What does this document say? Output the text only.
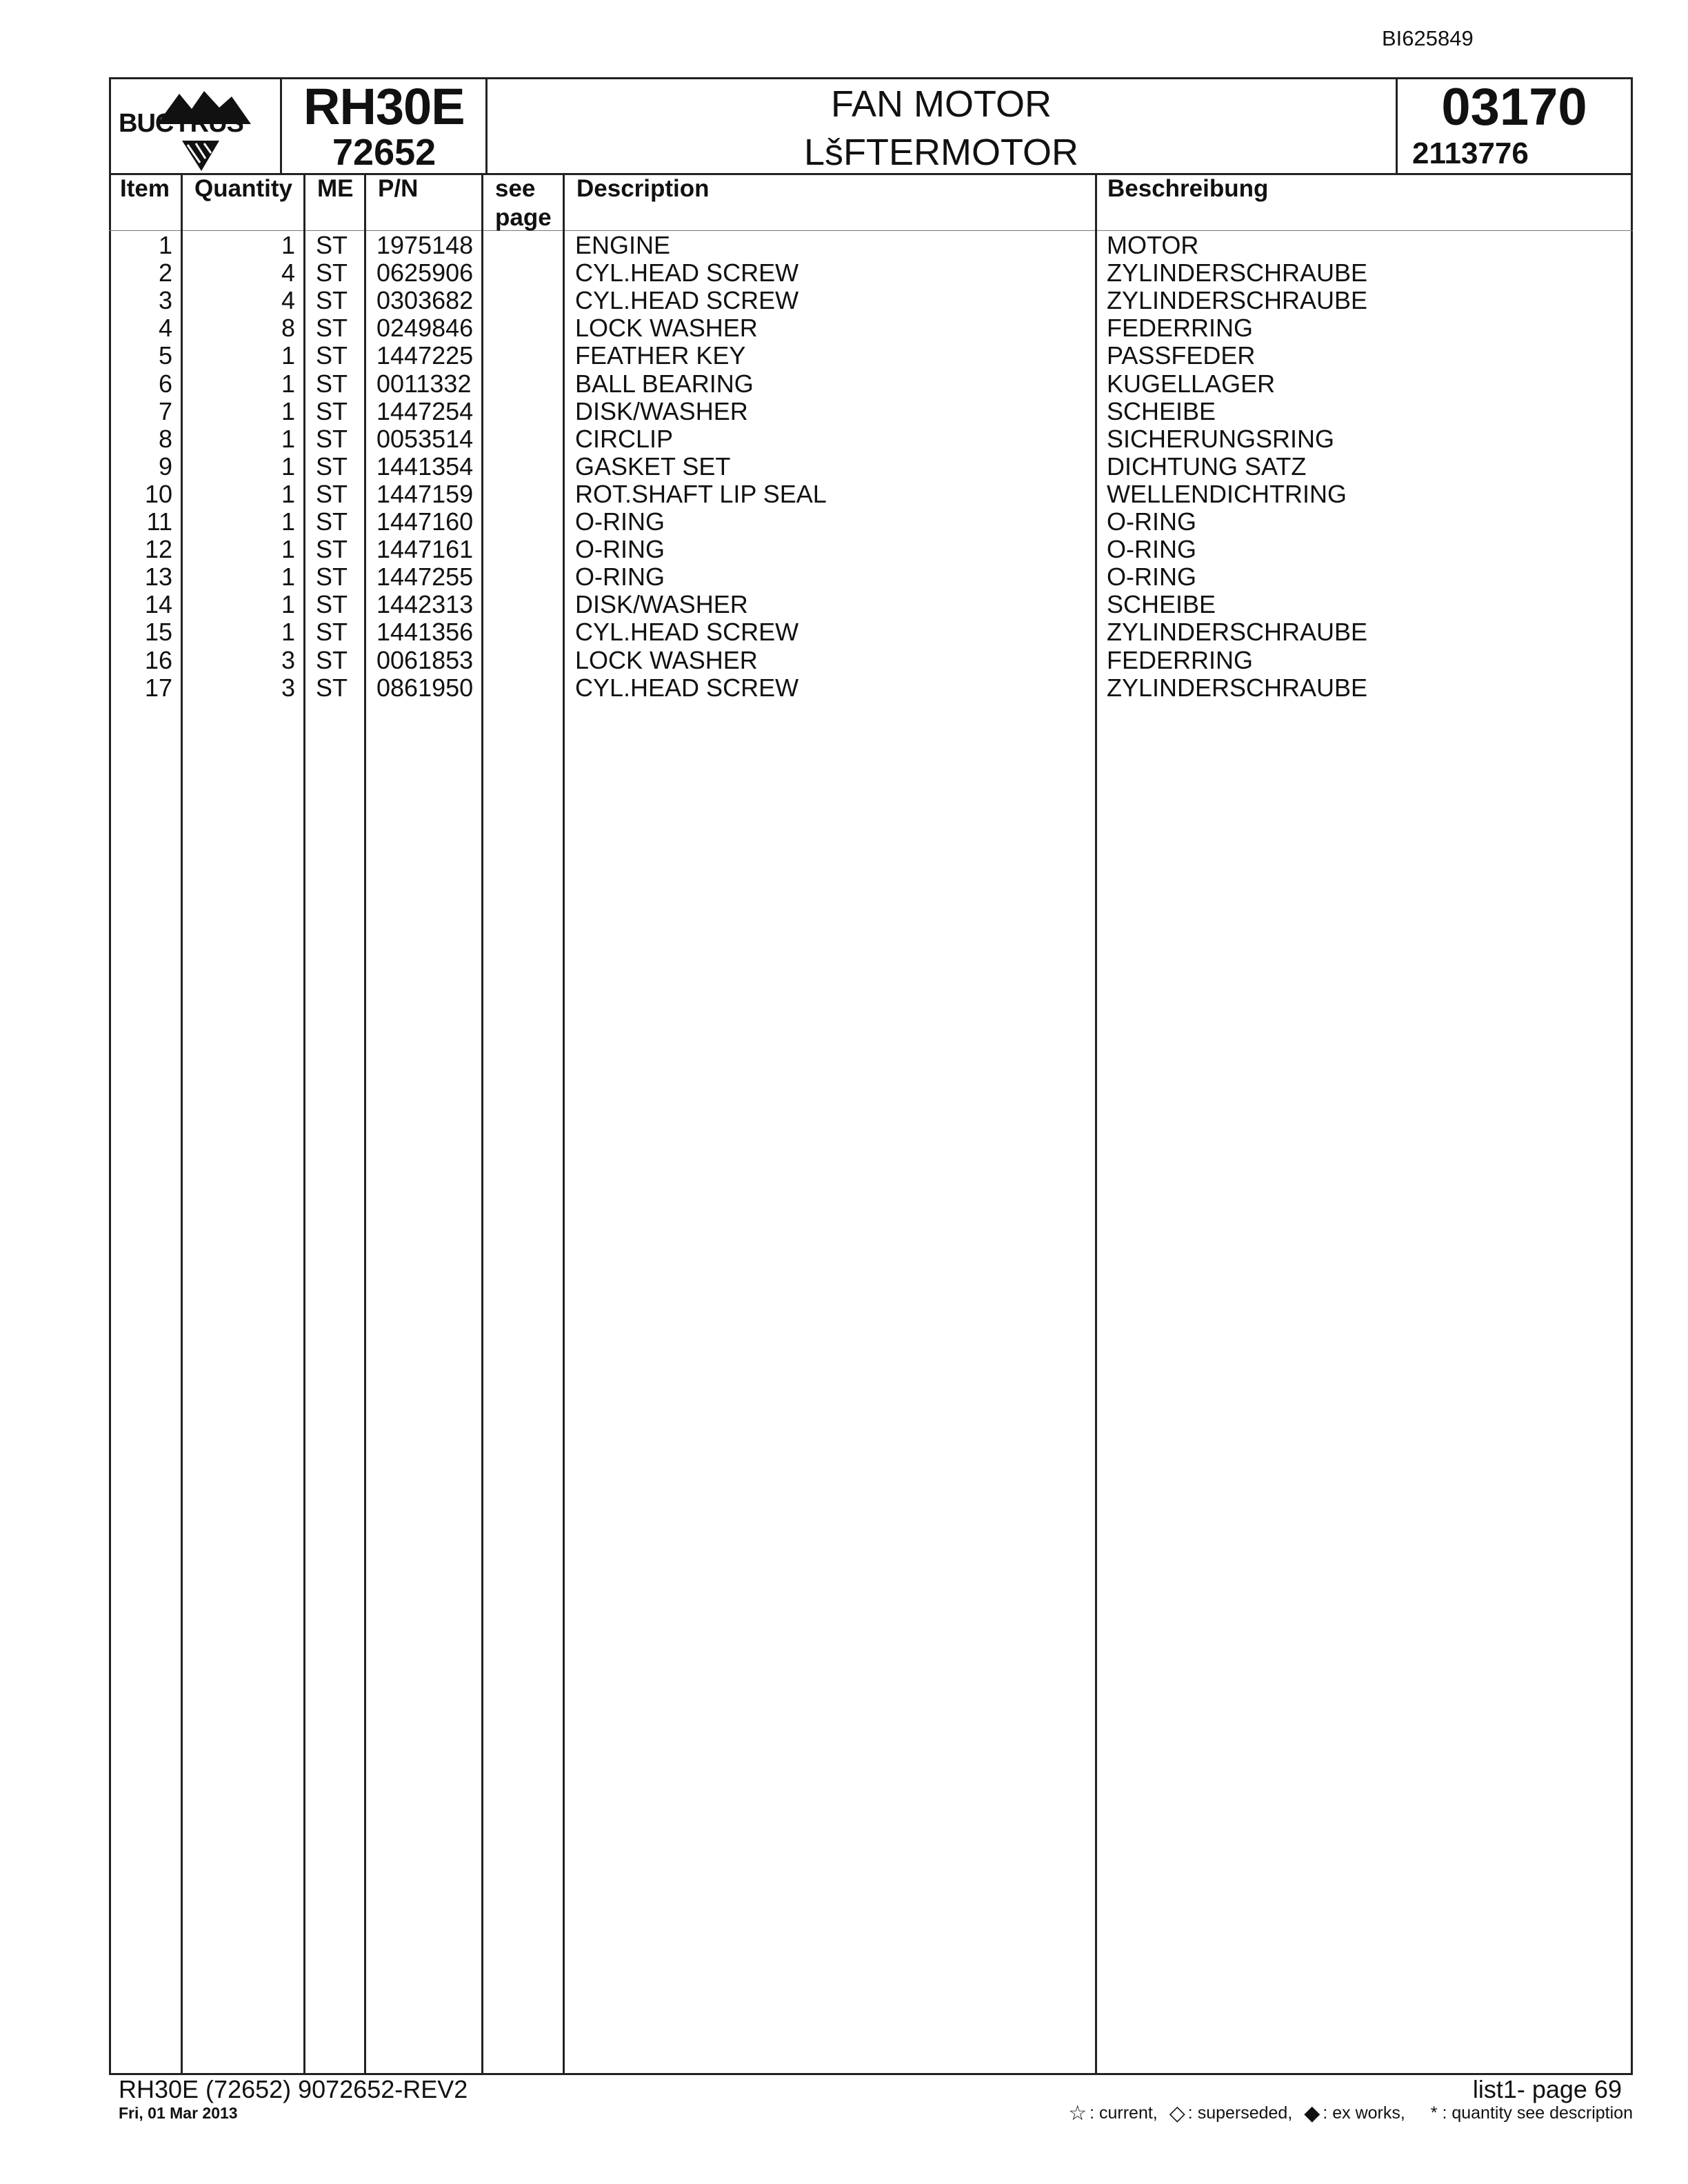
BI625849
BUCYRUS RH30E
72652
FAN MOTOR
LšFTERMOTOR
03170
2113776
Item Quantity ME P/N	see
page
Description	Beschreibung
1	1 ST 1975148	ENGINE	MOTOR
2	4 ST 0625906	CYL.HEAD SCREW	ZYLINDERSCHRAUBE
3	4 ST 0303682	CYL.HEAD SCREW	ZYLINDERSCHRAUBE
4	8 ST 0249846	LOCK WASHER	FEDERRING
5	1 ST 1447225	FEATHER KEY	PASSFEDER
6	1 ST 0011332	BALL BEARING	KUGELLAGER
7	1 ST 1447254	DISK/WASHER	SCHEIBE
8	1 ST 0053514	CIRCLIP	SICHERUNGSRING
9	1 ST 1441354	GASKET SET	DICHTUNG SATZ
10	1 ST 1447159	ROT.SHAFT LIP SEAL	WELLENDICHTRING
11	1 ST 1447160	O-RING	O-RING
12	1 ST 1447161	O-RING	O-RING
13	1 ST 1447255	O-RING	O-RING
14	1 ST 1442313	DISK/WASHER	SCHEIBE
15	1 ST 1441356	CYL.HEAD SCREW	ZYLINDERSCHRAUBE
16	3 ST 0061853	LOCK WASHER	FEDERRING
17	3 ST 0861950	CYL.HEAD SCREW	ZYLINDERSCHRAUBE
RH30E (72652) 9072652-REV2
Fri, 01 Mar 2013
list1- page 69
☆ : current, ◇ : superseded, ◆ : ex works, * : quantity see description
